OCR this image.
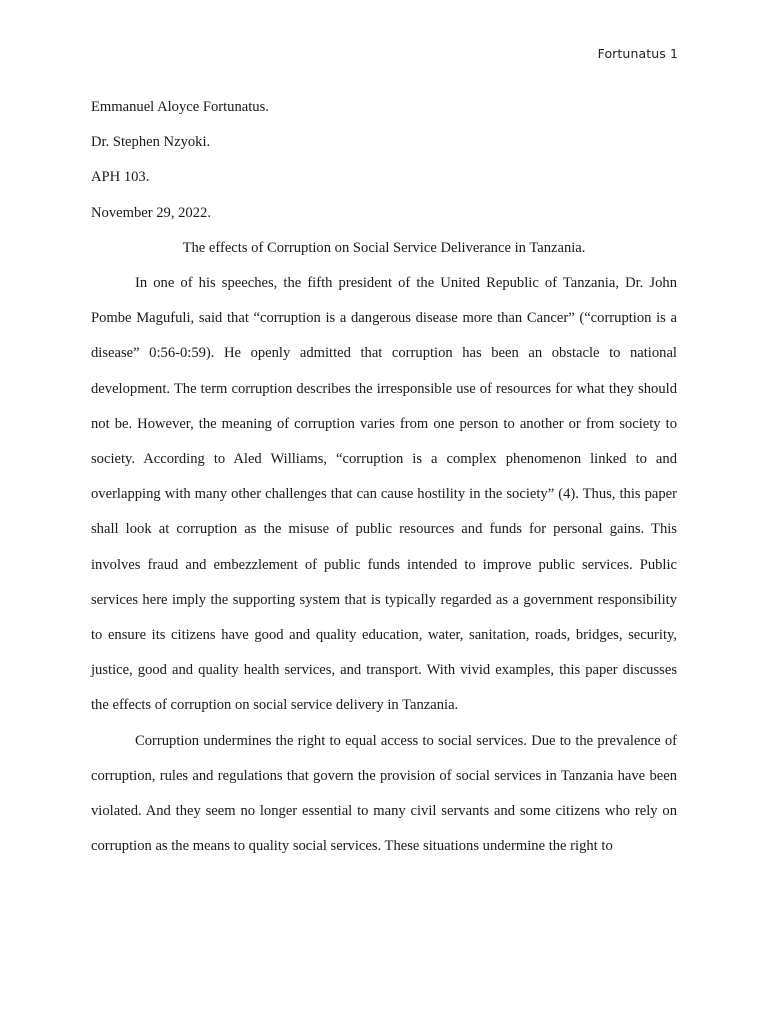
Fortunatus 1

Emmanuel Aloyce Fortunatus.

Dr. Stephen Nzyoki.

APH 103.

November 29, 2022.

The effects of Corruption on Social Service Deliverance in Tanzania.

In one of his speeches, the fifth president of the United Republic of Tanzania, Dr. John Pombe Magufuli, said that “corruption is a dangerous disease more than Cancer” (“corruption is a disease” 0:56-0:59). He openly admitted that corruption has been an obstacle to national development. The term corruption describes the irresponsible use of resources for what they should not be. However, the meaning of corruption varies from one person to another or from society to society. According to Aled Williams, “corruption is a complex phenomenon linked to and overlapping with many other challenges that can cause hostility in the society” (4). Thus, this paper shall look at corruption as the misuse of public resources and funds for personal gains. This involves fraud and embezzlement of public funds intended to improve public services. Public services here imply the supporting system that is typically regarded as a government responsibility to ensure its citizens have good and quality education, water, sanitation, roads, bridges, security, justice, good and quality health services, and transport. With vivid examples, this paper discusses the effects of corruption on social service delivery in Tanzania.

Corruption undermines the right to equal access to social services. Due to the prevalence of corruption, rules and regulations that govern the provision of social services in Tanzania have been violated. And they seem no longer essential to many civil servants and some citizens who rely on corruption as the means to quality social services. These situations undermine the right to
